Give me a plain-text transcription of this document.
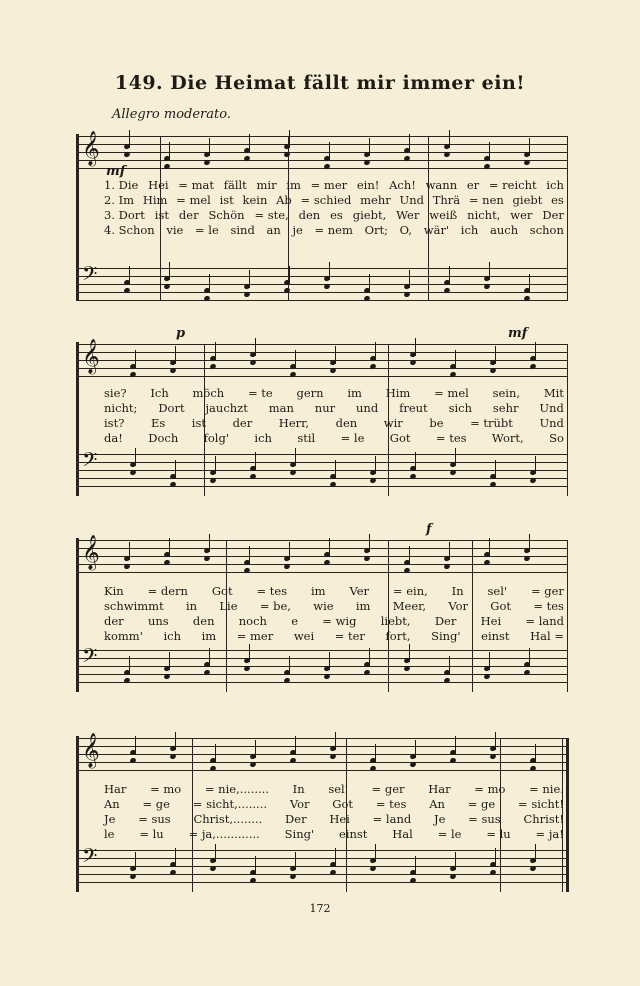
149. Die Heimat fällt mir immer ein!
Allegro moderato.
𝄞
𝄢
mf
1. Die Hei = mat fällt mir im = mer ein! Ach! wann er = reicht ich
2. Im Him = mel ist kein Ab = schied mehr Und Thrä = nen giebt es
3. Dort ist der Schön = ste, den es giebt, Wer weiß nicht, wer Der
4. Schon vie = le sind an je = nem Ort; O, wär' ich auch schon
𝄞
𝄢
p	mf
sie? Ich möch = te gern im Him = mel sein, Mit
nicht; Dort jauchzt man nur und freut sich sehr Und
ist? Es ist der Herr, den wir be = trübt Und
da! Doch folg' ich stil = le Got = tes Wort, So
𝄞
𝄢
f
Kin = dern Got = tes im Ver = ein, In sel' = ger
schwimmt in Lie = be, wie im Meer, Vor Got = tes
der uns den noch e = wig liebt, Der Hei = land
komm' ich im = mer wei = ter fort, Sing' einst Hal =
𝄞
𝄢
Har = mo = nie,........ In sel' = ger Har = mo = nie.
An = ge = sicht,........ Vor Got = tes An = ge = sicht!
Je = sus Christ,........ Der Hei = land Je = sus Christ!
le = lu = ja,............ Sing' einst Hal = le = lu = ja!
172
